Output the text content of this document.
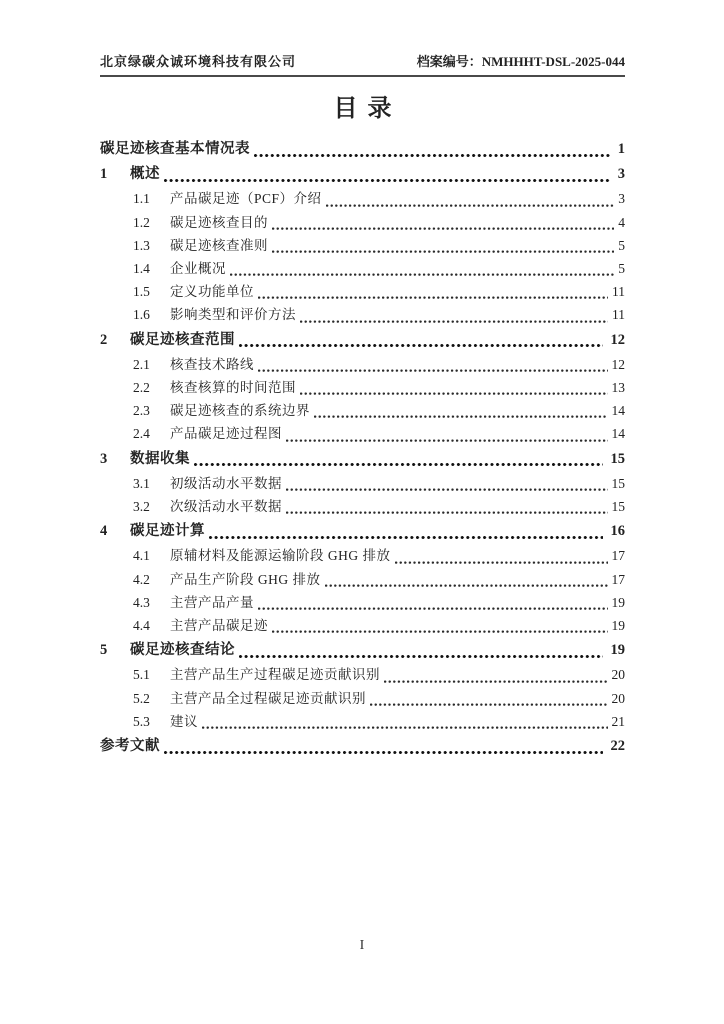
北京绿碳众诚环境科技有限公司	档案编号：NMHHHT-DSL-2025-044
目录
碳足迹核查基本情况表	1
1	概述	3
1.1	产品碳足迹（PCF）介绍	3
1.2	碳足迹核查目的	4
1.3	碳足迹核查准则	5
1.4	企业概况	5
1.5	定义功能单位	11
1.6	影响类型和评价方法	11
2	碳足迹核查范围	12
2.1	核查技术路线	12
2.2	核查核算的时间范围	13
2.3	碳足迹核查的系统边界	14
2.4	产品碳足迹过程图	14
3	数据收集	15
3.1	初级活动水平数据	15
3.2	次级活动水平数据	15
4	碳足迹计算	16
4.1	原辅材料及能源运输阶段 GHG 排放	17
4.2	产品生产阶段 GHG 排放	17
4.3	主营产品产量	19
4.4	主营产品碳足迹	19
5	碳足迹核查结论	19
5.1	主营产品生产过程碳足迹贡献识别	20
5.2	主营产品全过程碳足迹贡献识别	20
5.3	建议	21
参考文献	22
I
